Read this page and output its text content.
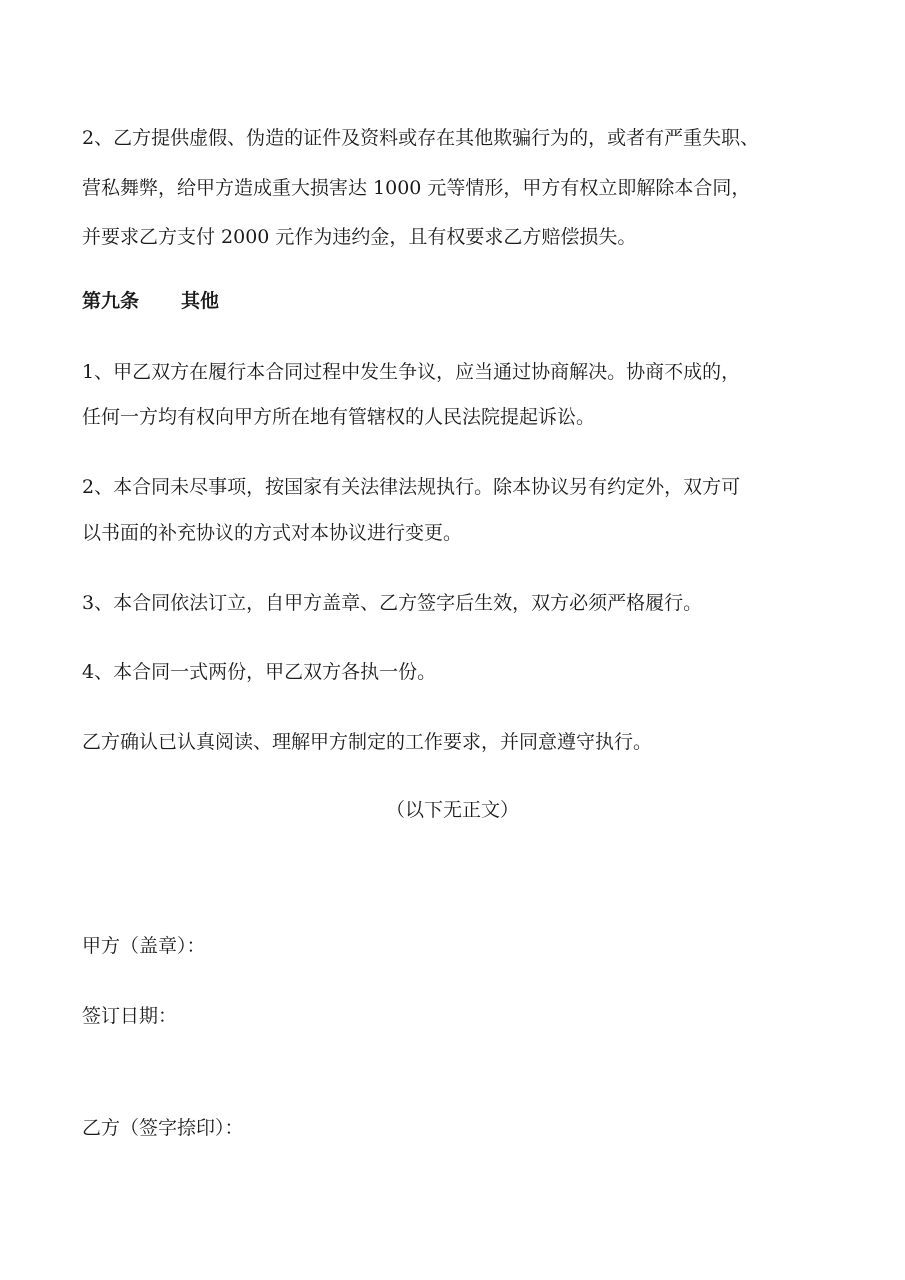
2、乙方提供虚假、伪造的证件及资料或存在其他欺骗行为的，或者有严重失职、
营私舞弊，给甲方造成重大损害达 1000 元等情形，甲方有权立即解除本合同，
并要求乙方支付 2000 元作为违约金，且有权要求乙方赔偿损失。
第九条 其他
1、甲乙双方在履行本合同过程中发生争议，应当通过协商解决。协商不成的，
任何一方均有权向甲方所在地有管辖权的人民法院提起诉讼。
2、本合同未尽事项，按国家有关法律法规执行。除本协议另有约定外，双方可
以书面的补充协议的方式对本协议进行变更。
3、本合同依法订立，自甲方盖章、乙方签字后生效，双方必须严格履行。
4、本合同一式两份，甲乙双方各执一份。
乙方确认已认真阅读、理解甲方制定的工作要求，并同意遵守执行。
（以下无正文）
甲方（盖章）：
签订日期：
乙方（签字捺印）：
